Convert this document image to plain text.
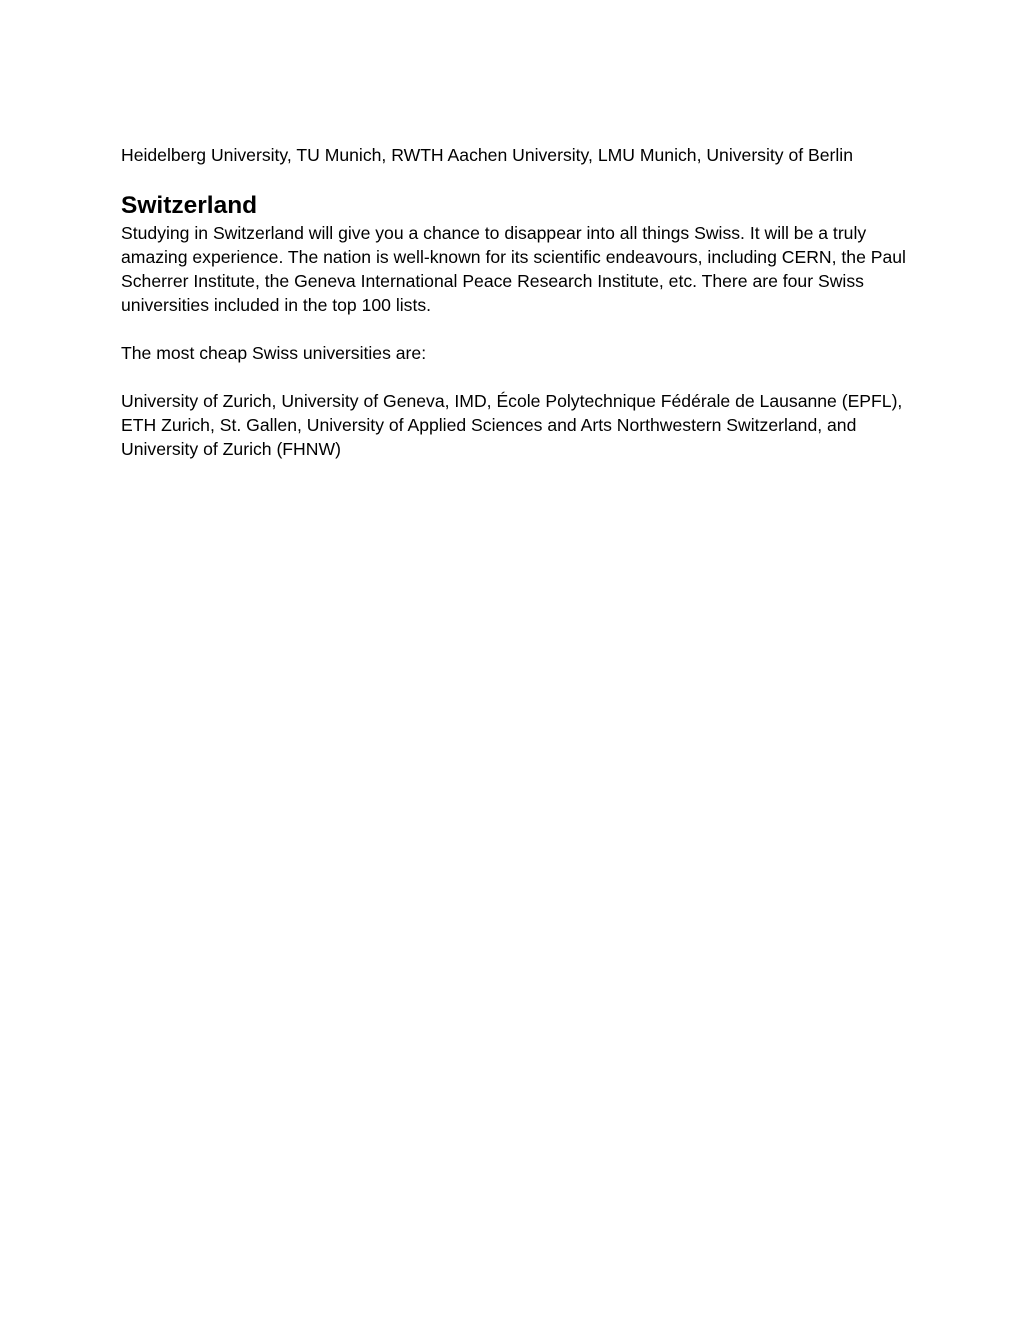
Heidelberg University, TU Munich, RWTH Aachen University, LMU Munich, University of Berlin

Switzerland

Studying in Switzerland will give you a chance to disappear into all things Swiss. It will be a truly amazing experience. The nation is well-known for its scientific endeavours, including CERN, the Paul Scherrer Institute, the Geneva International Peace Research Institute, etc. There are four Swiss universities included in the top 100 lists.

The most cheap Swiss universities are:

University of Zurich, University of Geneva, IMD, École Polytechnique Fédérale de Lausanne (EPFL), ETH Zurich, St. Gallen, University of Applied Sciences and Arts Northwestern Switzerland, and University of Zurich (FHNW)
